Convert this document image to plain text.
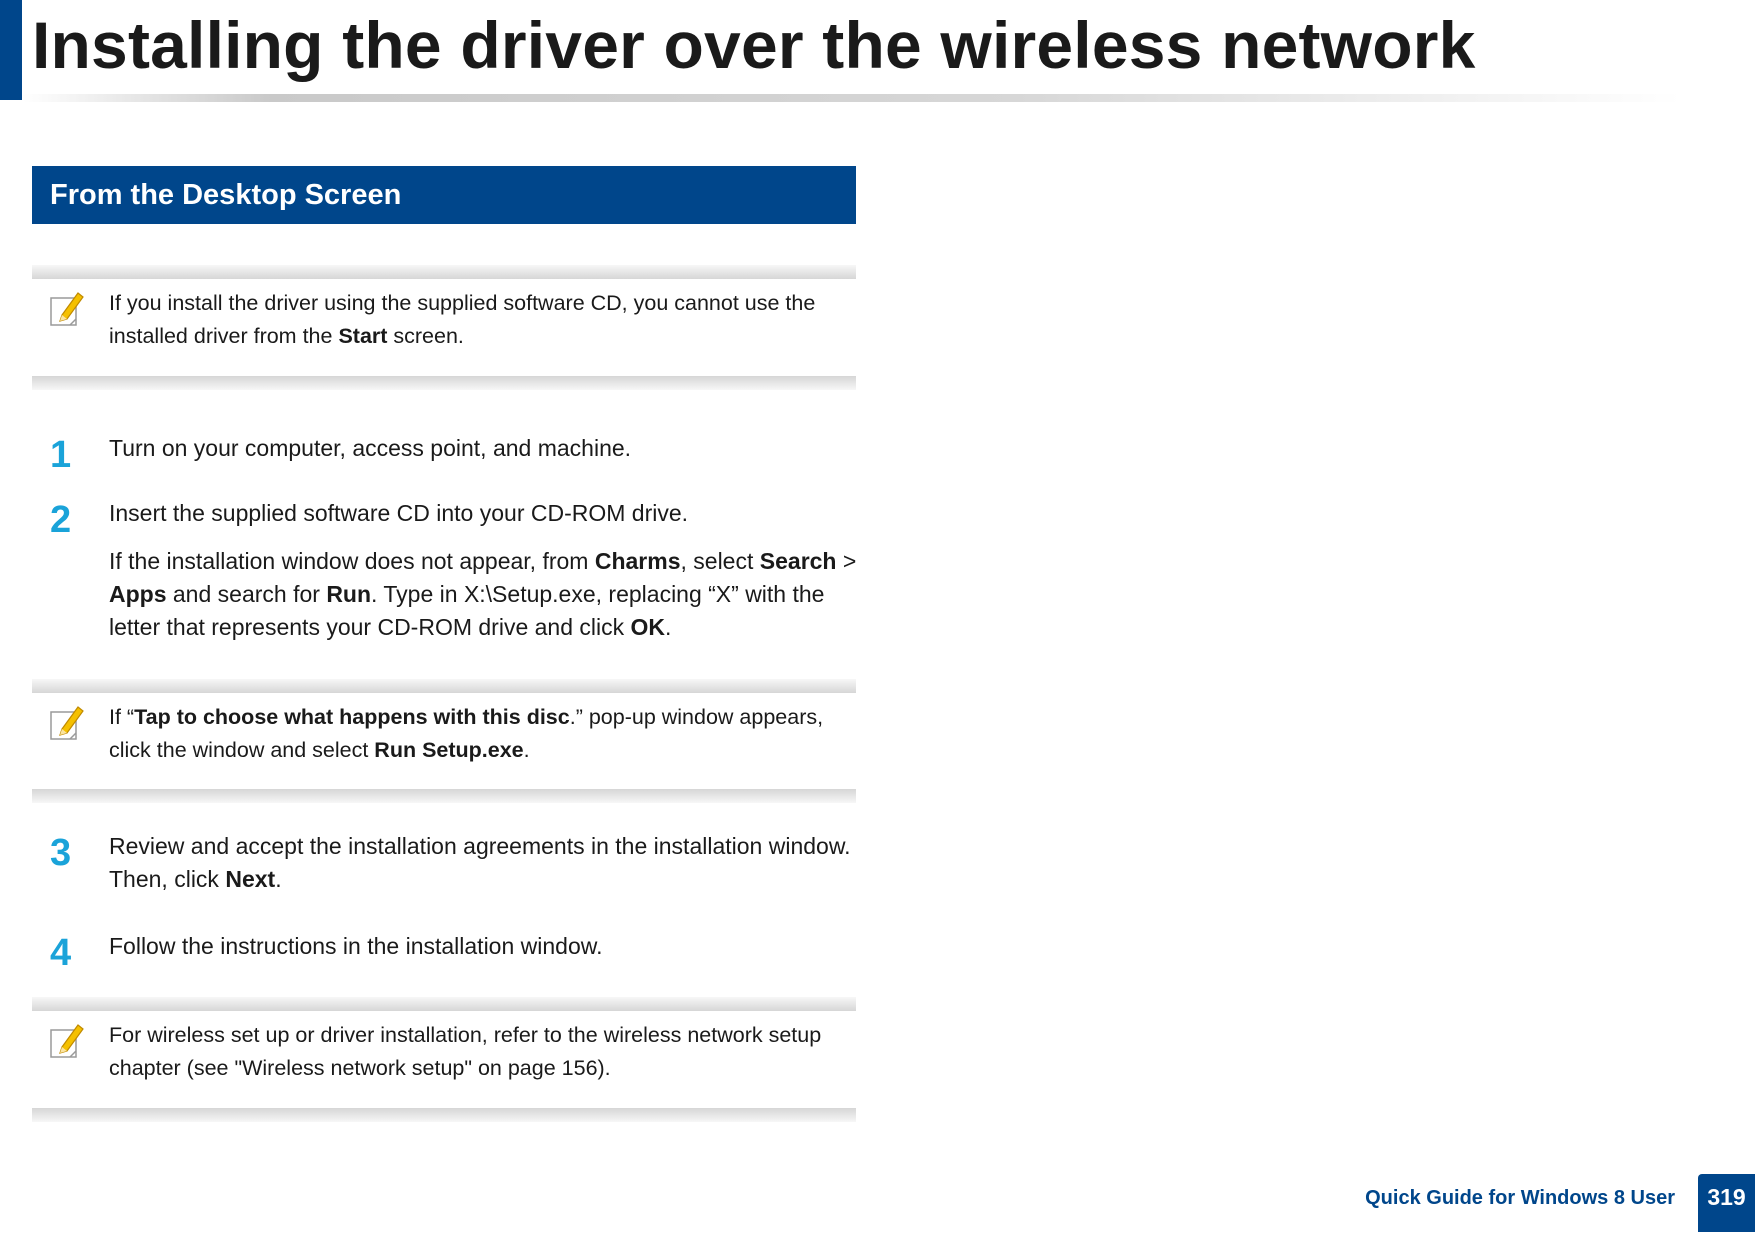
Installing the driver over the wireless network
From the Desktop Screen
If you install the driver using the supplied software CD, you cannot use the installed driver from the Start screen.
1	Turn on your computer, access point, and machine.
2	Insert the supplied software CD into your CD-ROM drive.
If the installation window does not appear, from Charms, select Search > Apps and search for Run. Type in X:\Setup.exe, replacing “X” with the letter that represents your CD-ROM drive and click OK.
If “Tap to choose what happens with this disc.” pop-up window appears, click the window and select Run Setup.exe.
3	Review and accept the installation agreements in the installation window. Then, click Next.
4	Follow the instructions in the installation window.
For wireless set up or driver installation, refer to the wireless network setup chapter (see "Wireless network setup" on page 156).
Quick Guide for Windows 8 User	319
